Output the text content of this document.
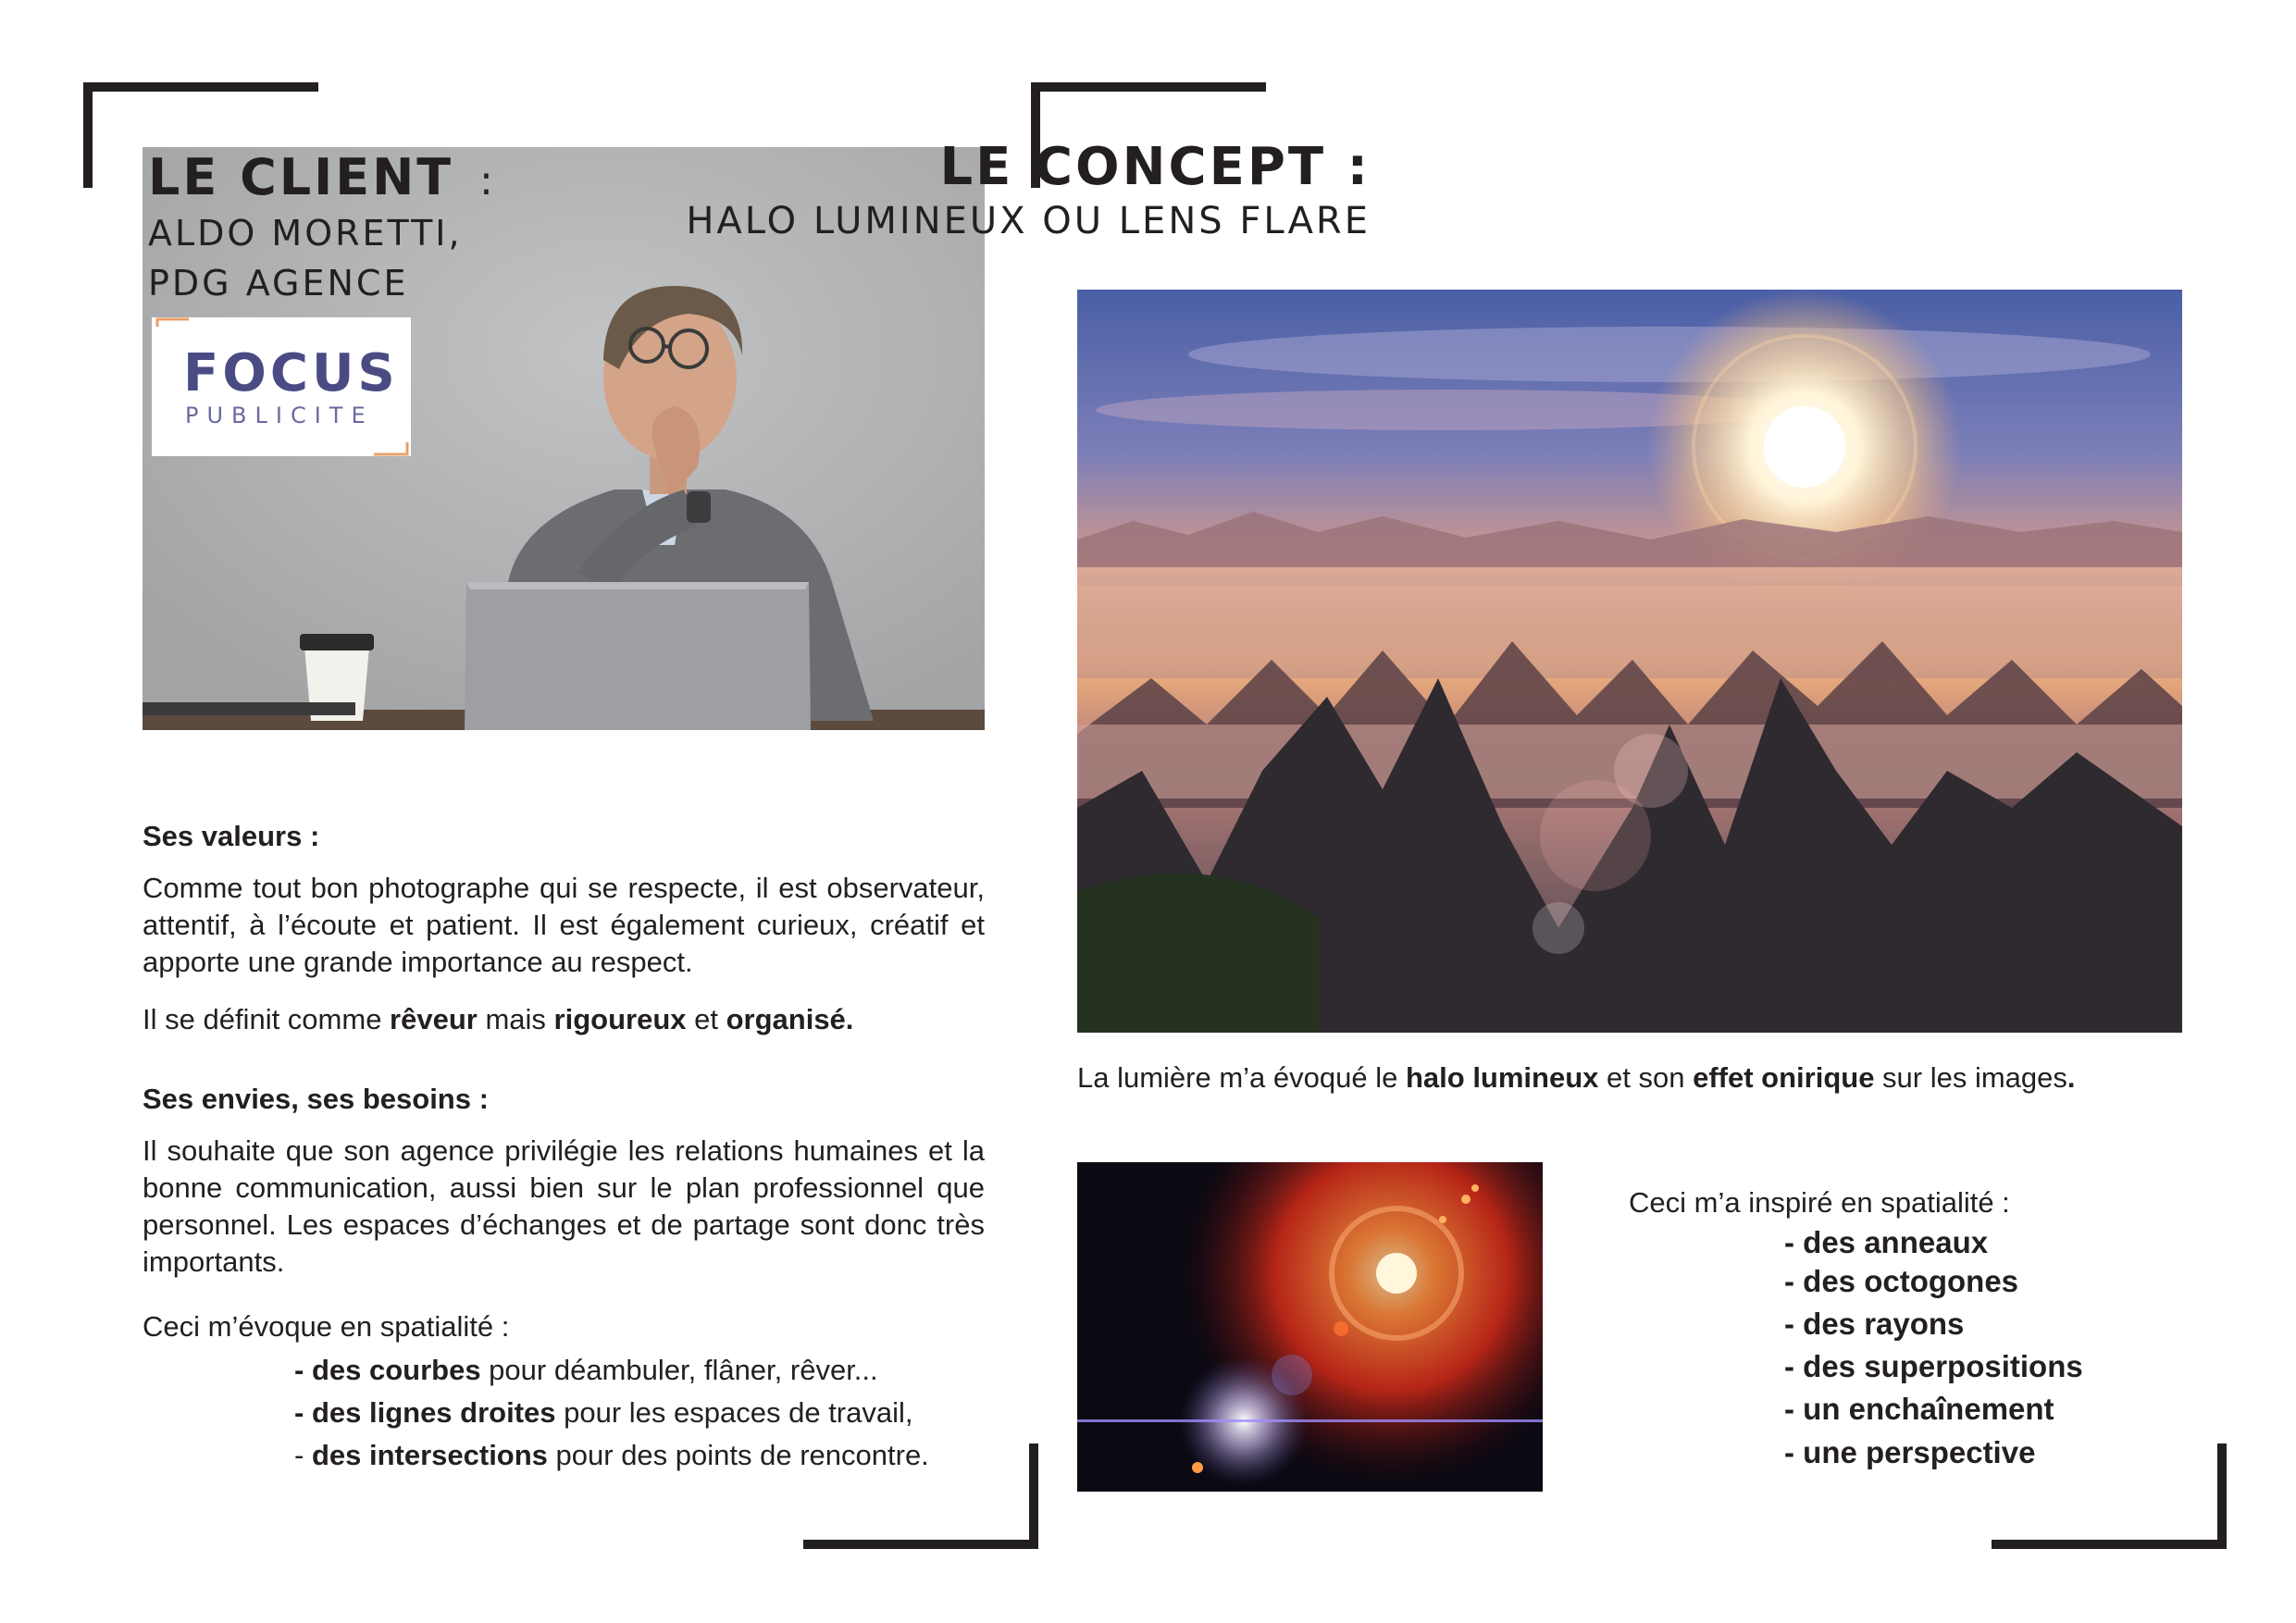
LE CLIENT :
ALDO MORETTI,
PDG AGENCE
FOCUS
PUBLICITE
Ses valeurs :
Comme tout bon photographe qui se respecte, il est observateur, attentif, à l’écoute et patient. Il est également curieux, créatif et apporte une grande importance au respect.
Il se définit comme rêveur mais rigoureux et organisé.
Ses envies, ses besoins :
Il souhaite que son agence privilégie les relations humaines et la bonne communication, aussi bien sur le plan professionnel que personnel. Les espaces d’échanges et de partage sont donc très importants.
Ceci m’évoque en spatialité :
- des courbes pour déambuler, flâner, rêver...
- des lignes droites pour les espaces de travail,
- des intersections pour des points de rencontre.
LE CONCEPT :
HALO LUMINEUX OU LENS FLARE
La lumière m’a évoqué le halo lumineux et son effet onirique sur les images.
Ceci m’a inspiré en spatialité :
- des anneaux
- des octogones
- des rayons
- des superpositions
- un enchaînement
- une perspective
